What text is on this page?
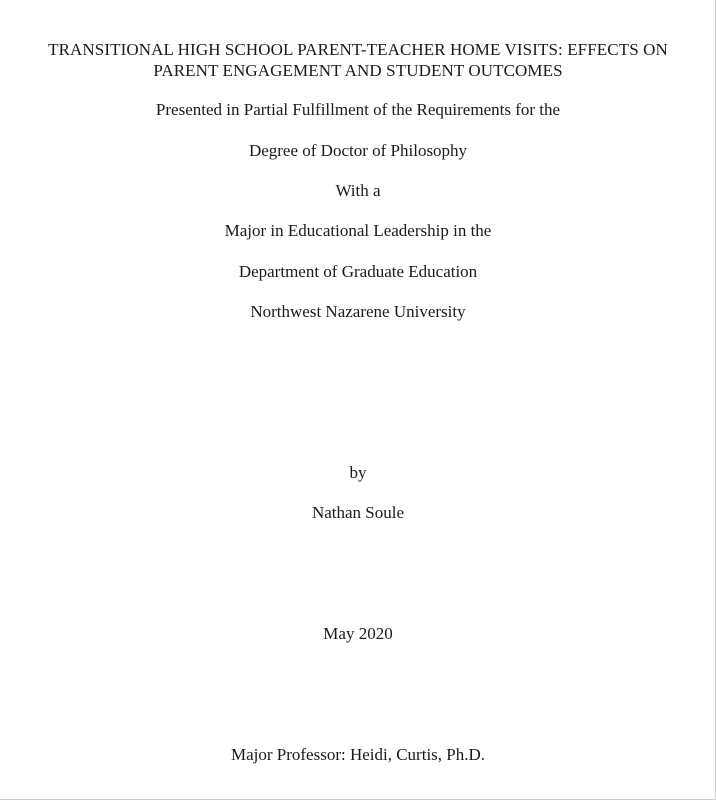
TRANSITIONAL HIGH SCHOOL PARENT-TEACHER HOME VISITS: EFFECTS ON
PARENT ENGAGEMENT AND STUDENT OUTCOMES
Presented in Partial Fulfillment of the Requirements for the
Degree of Doctor of Philosophy
With a
Major in Educational Leadership in the
Department of Graduate Education
Northwest Nazarene University
by
Nathan Soule
May 2020
Major Professor: Heidi, Curtis, Ph.D.
